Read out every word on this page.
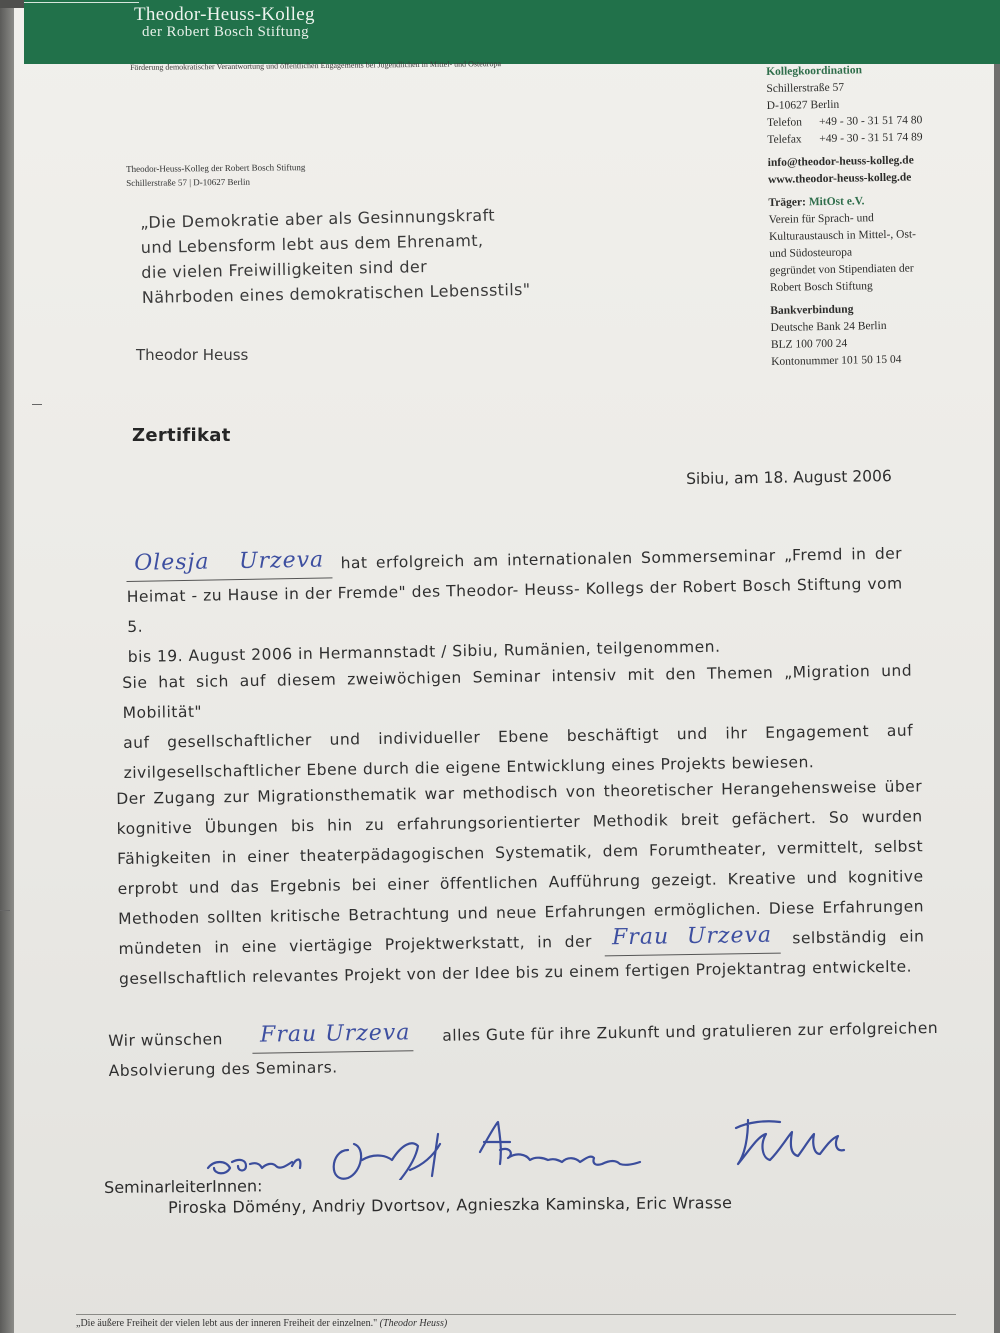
Theodor-Heuss-Kolleg
der Robert Bosch Stiftung
Förderung demokratischer Verantwortung und öffentlichen Engagements bei Jugendlichen in Mittel- und Osteuropa
Theodor-Heuss-Kolleg der Robert Bosch Stiftung
Schillerstraße 57 | D-10627 Berlin
Kollegkoordination
Schillerstraße 57
D-10627 Berlin
Telefon	+49 - 30 - 31 51 74 80
Telefax	+49 - 30 - 31 51 74 89
info@theodor-heuss-kolleg.de
www.theodor-heuss-kolleg.de
Träger: MitOst e.V.
Verein für Sprach- und
Kulturaustausch in Mittel-, Ost-
und Südosteuropa
gegründet von Stipendiaten der
Robert Bosch Stiftung
Bankverbindung
Deutsche Bank 24 Berlin
BLZ 100 700 24
Kontonummer 101 50 15 04
„Die Demokratie aber als Gesinnungskraft
und Lebensform lebt aus dem Ehrenamt,
die vielen Freiwilligkeiten sind der
Nährboden eines demokratischen Lebensstils"
Theodor Heuss
Zertifikat
Sibiu, am 18. August 2006
Olesja Urzeva	hat erfolgreich am internationalen Sommerseminar „Fremd in der
Heimat - zu Hause in der Fremde" des Theodor- Heuss- Kollegs der Robert Bosch Stiftung vom 5.
bis 19. August 2006 in Hermannstadt / Sibiu, Rumänien, teilgenommen.
Sie hat sich auf diesem zweiwöchigen Seminar intensiv mit den Themen „Migration und Mobilität"
auf gesellschaftlicher und individueller Ebene beschäftigt und ihr Engagement auf
zivilgesellschaftlicher Ebene durch die eigene Entwicklung eines Projekts bewiesen.
Der Zugang zur Migrationsthematik war methodisch von theoretischer Herangehensweise über
kognitive Übungen bis hin zu erfahrungsorientierter Methodik breit gefächert. So wurden
Fähigkeiten in einer theaterpädagogischen Systematik, dem Forumtheater, vermittelt, selbst
erprobt und das Ergebnis bei einer öffentlichen Aufführung gezeigt. Kreative und kognitive
Methoden sollten kritische Betrachtung und neue Erfahrungen ermöglichen. Diese Erfahrungen
mündeten in eine viertägige Projektwerkstatt, in der Frau Urzeva	selbständig ein
gesellschaftlich relevantes Projekt von der Idee bis zu einem fertigen Projektantrag entwickelte.
Wir wünschen	Frau Urzeva alles Gute für ihre Zukunft und gratulieren zur erfolgreichen
Absolvierung des Seminars.
SeminarleiterInnen:
Piroska Dömény, Andriy Dvortsov, Agnieszka Kaminska, Eric Wrasse
„Die äußere Freiheit der vielen lebt aus der inneren Freiheit der einzelnen." (Theodor Heuss)
